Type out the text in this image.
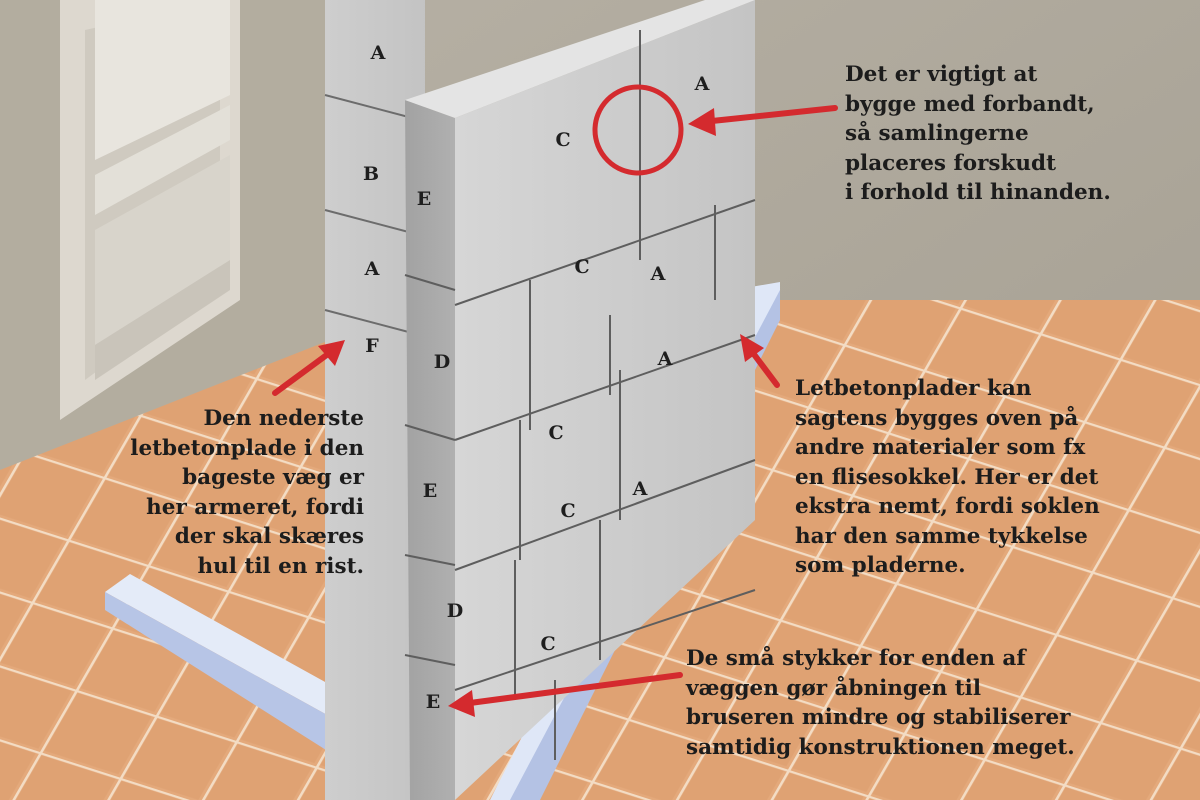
A
B
A
F
E
D
E
D
E
C
A
C	A
A
C
C
A
C

Det er vigtigt at
bygge med forbandt,
så samlingerne
placeres forskudt
i forhold til hinanden.

Den nederste
letbetonplade i den
bageste væg er
her armeret, fordi
der skal skæres
hul til en rist.

Letbetonplader kan
sagtens bygges oven på
andre materialer som fx
en flisesokkel. Her er det
ekstra nemt, fordi soklen
har den samme tykkelse
som pladerne.

De små stykker for enden af
væggen gør åbningen til
bruseren mindre og stabiliserer
samtidig konstruktionen meget.
